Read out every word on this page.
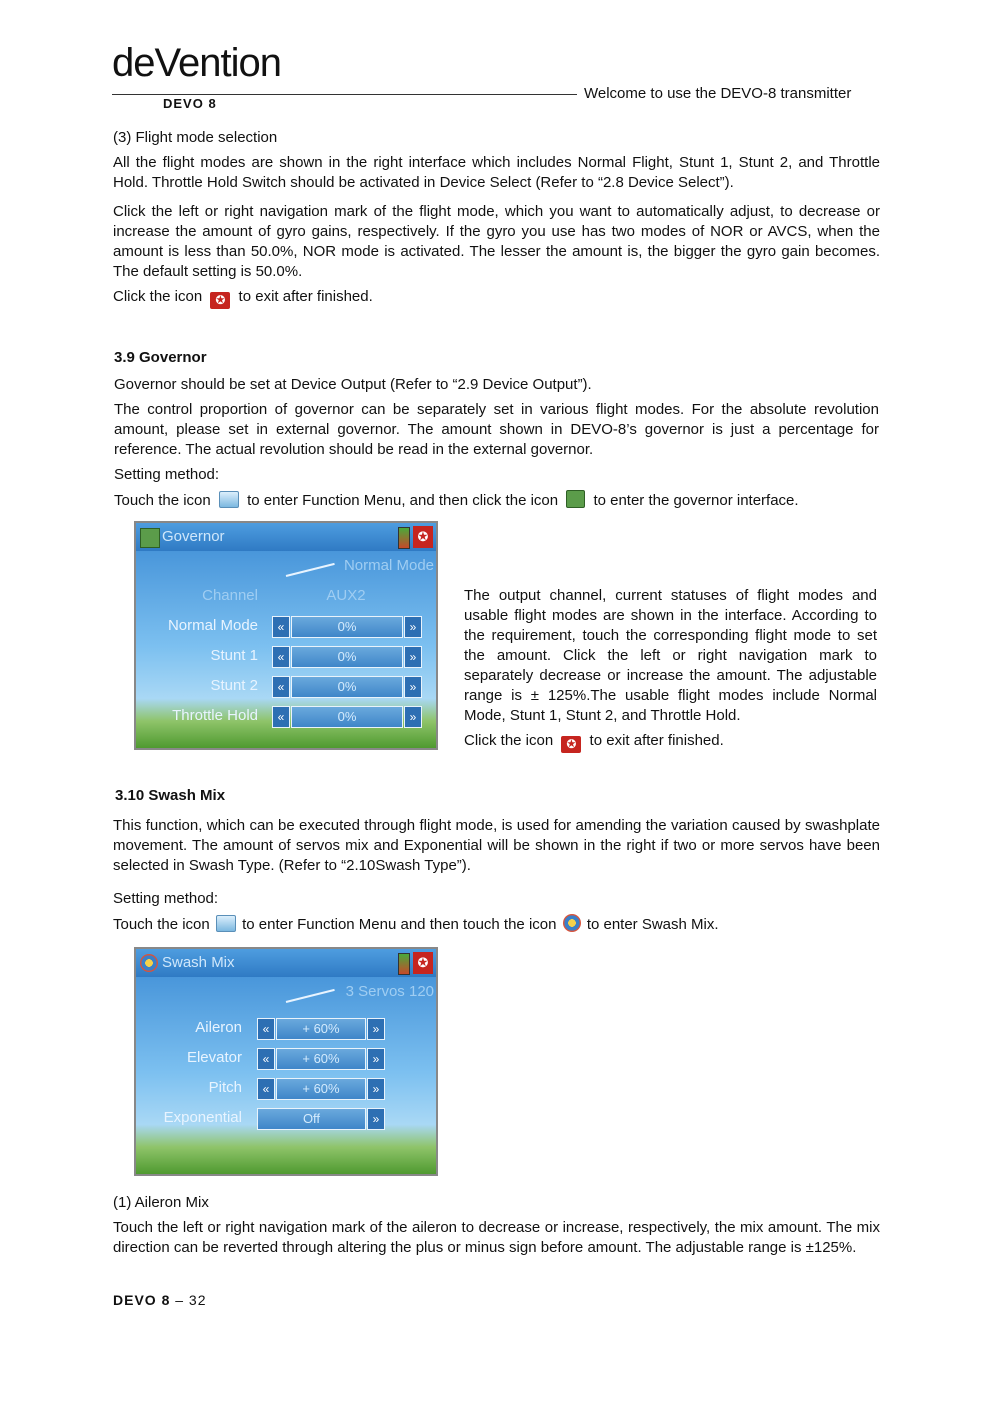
deVention
DEVO 8
Welcome to use the DEVO-8 transmitter

(3) Flight mode selection

All the flight modes are shown in the right interface which includes Normal Flight, Stunt 1, Stunt 2, and Throttle Hold. Throttle Hold Switch should be activated in Device Select (Refer to “2.8 Device Select”).

Click the left or right navigation mark of the flight mode, which you want to automatically adjust, to decrease or increase the amount of gyro gains, respectively. If the gyro you use has two modes of NOR or AVCS, when the amount is less than 50.0%, NOR mode is activated. The lesser the amount is, the bigger the gyro gain becomes. The default setting is 50.0%.

Click the icon ✪ to exit after finished.

3.9 Governor

Governor should be set at Device Output (Refer to “2.9 Device Output”).

The control proportion of governor can be separately set in various flight modes. For the absolute revolution amount, please set in external governor. The amount shown in DEVO-8’s governor is just a percentage for reference. The actual revolution should be read in the external governor.

Setting method:

Touch the icon to enter Function Menu, and then click the icon to enter the governor interface.

Governor	✪
Normal Mode
Channel	AUX2
Normal Mode	«	0%	»
Stunt 1	«	0%	»
Stunt 2	«	0%	»
Throttle Hold	«	0%	»

The output channel, current statuses of flight modes and usable flight modes are shown in the interface. According to the requirement, touch the corresponding flight mode to set the amount. Click the left or right navigation mark to separately decrease or increase the amount. The adjustable range is ± 125%.The usable flight modes include Normal Mode, Stunt 1, Stunt 2, and Throttle Hold.

Click the icon ✪ to exit after finished.

3.10 Swash Mix

This function, which can be executed through flight mode, is used for amending the variation caused by swashplate movement. The amount of servos mix and Exponential will be shown in the right if two or more servos have been selected in Swash Type. (Refer to “2.10Swash Type”).

Setting method:

Touch the icon to enter Function Menu and then touch the icon to enter Swash Mix.

Swash Mix	✪
3 Servos 120
Aileron	«	+ 60%	»
Elevator	«	+ 60%	»
Pitch	«	+ 60%	»
Exponential	Off	»

(1) Aileron Mix

Touch the left or right navigation mark of the aileron to decrease or increase, respectively, the mix amount. The mix direction can be reverted through altering the plus or minus sign before amount. The adjustable range is ±125%.

DEVO 8 – 32
